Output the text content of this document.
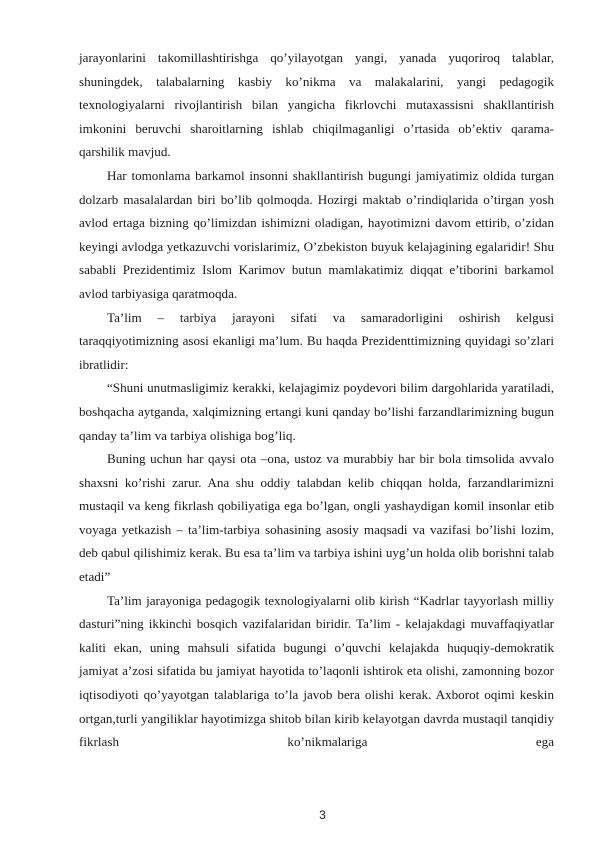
jarayonlarini takomillashtirishga qo’yilayotgan yangi, yanada yuqoriroq talablar, shuningdek, talabalarning kasbiy ko’nikma va malakalarini, yangi pedagogik texnologiyalarni rivojlantirish bilan yangicha fikrlovchi mutaxassisni shakllantirish imkonini beruvchi sharoitlarning ishlab chiqilmaganligi o’rtasida ob’ektiv qarama-qarshilik mavjud.

Har tomonlama barkamol insonni shakllantirish bugungi jamiyatimiz oldida turgan dolzarb masalalardan biri bo’lib qolmoqda. Hozirgi maktab o’rindiqlarida o’tirgan yosh avlod ertaga bizning qo’limizdan ishimizni oladigan, hayotimizni davom ettirib, o’zidan keyingi avlodga yetkazuvchi vorislarimiz, O’zbekiston buyuk kelajagining egalaridir! Shu sababli Prezidentimiz Islom Karimov butun mamlakatimiz diqqat e’tiborini barkamol avlod tarbiyasiga qaratmoqda.

Ta’lim – tarbiya jarayoni sifati va samaradorligini oshirish kelgusi taraqqiyotimizning asosi ekanligi ma’lum. Bu haqda Prezidenttimizning quyidagi so’zlari ibratlidir:

“Shuni unutmasligimiz kerakki, kelajagimiz poydevori bilim dargohlarida yaratiladi, boshqacha aytganda, xalqimizning ertangi kuni qanday bo’lishi farzandlarimizning bugun qanday ta’lim va tarbiya olishiga bog’liq.

Buning uchun har qaysi ota –ona, ustoz va murabbiy har bir bola timsolida avvalo shaxsni ko’rishi zarur. Ana shu oddiy talabdan kelib chiqqan holda, farzandlarimizni mustaqil va keng fikrlash qobiliyatiga ega bo’lgan, ongli yashaydigan komil insonlar etib voyaga yetkazish – ta’lim-tarbiya sohasining asosiy maqsadi va vazifasi bo’lishi lozim, deb qabul qilishimiz kerak. Bu esa ta’lim va tarbiya ishini uyg’un holda olib borishni talab etadi”

Ta’lim jarayoniga pedagogik texnologiyalarni olib kirish “Kadrlar tayyorlash milliy dasturi”ning ikkinchi bosqich vazifalaridan biridir. Ta’lim - kelajakdagi muvaffaqiyatlar kaliti ekan, uning mahsuli sifatida bugungi o’quvchi kelajakda huquqiy-demokratik jamiyat a’zosi sifatida bu jamiyat hayotida to’laqonli ishtirok eta olishi, zamonning bozor iqtisodiyoti qo’yayotgan talablariga to’la javob bera olishi kerak. Axborot oqimi keskin ortgan,turli yangiliklar hayotimizga shitob bilan kirib kelayotgan davrda mustaqil tanqidiy fikrlash ko’nikmalariga ega

3
